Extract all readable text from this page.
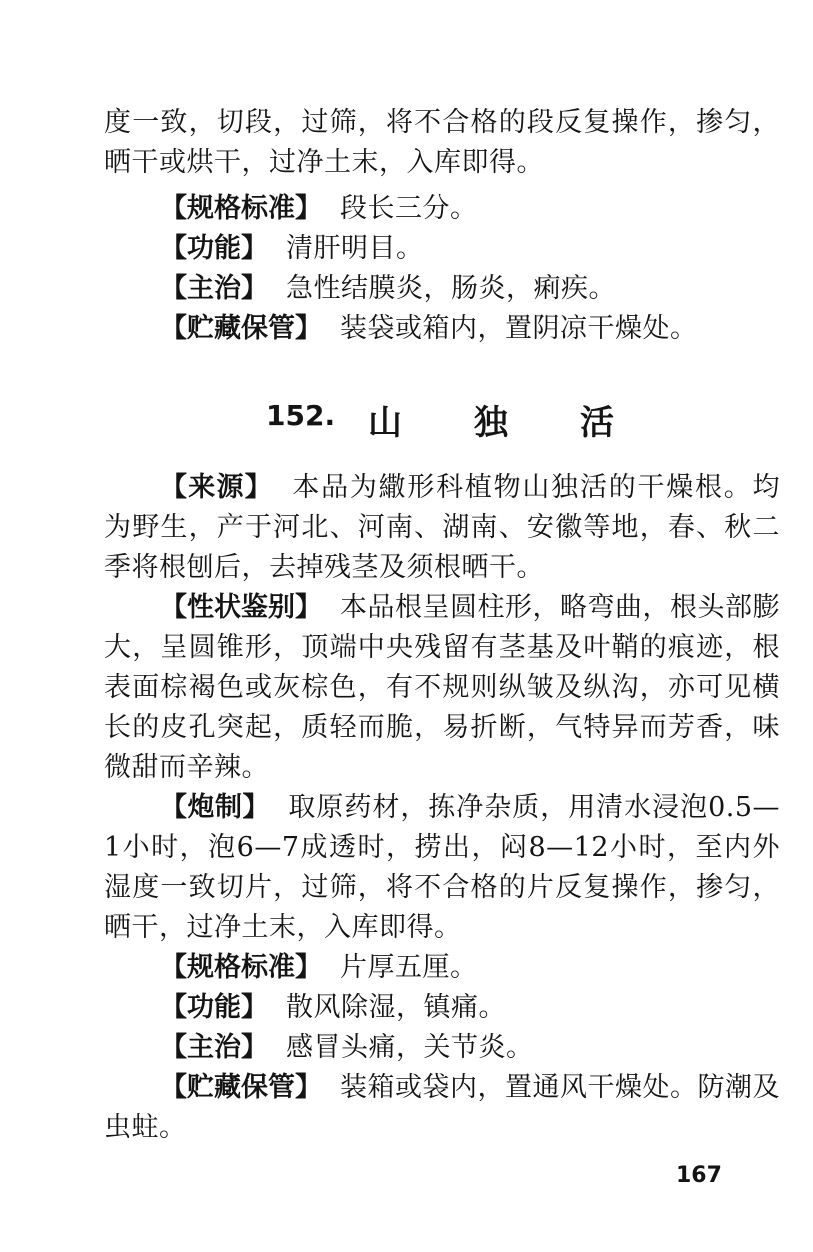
度一致，切段，过筛，将不合格的段反复操作，掺匀，晒干或烘干，过净土末，入库即得。

【规格标准】 段长三分。

【功能】 清肝明目。

【主治】 急性结膜炎，肠炎，痢疾。

【贮藏保管】 装袋或箱内，置阴凉干燥处。

152. 山 独 活

【来源】 本品为繖形科植物山独活的干燥根。均为野生，产于河北、河南、湖南、安徽等地，春、秋二季将根刨后，去掉残茎及须根晒干。

【性状鉴别】 本品根呈圆柱形，略弯曲，根头部膨大，呈圆锥形，顶端中央残留有茎基及叶鞘的痕迹，根表面棕褐色或灰棕色，有不规则纵皱及纵沟，亦可见横长的皮孔突起，质轻而脆，易折断，气特异而芳香，味微甜而辛辣。

【炮制】 取原药材，拣净杂质，用清水浸泡0.5—1小时，泡6—7成透时，捞出，闷8—12小时，至内外湿度一致切片，过筛，将不合格的片反复操作，掺匀，晒干，过净土末，入库即得。

【规格标准】 片厚五厘。

【功能】 散风除湿，镇痛。

【主治】 感冒头痛，关节炎。

【贮藏保管】 装箱或袋内，置通风干燥处。防潮及虫蛀。

167
